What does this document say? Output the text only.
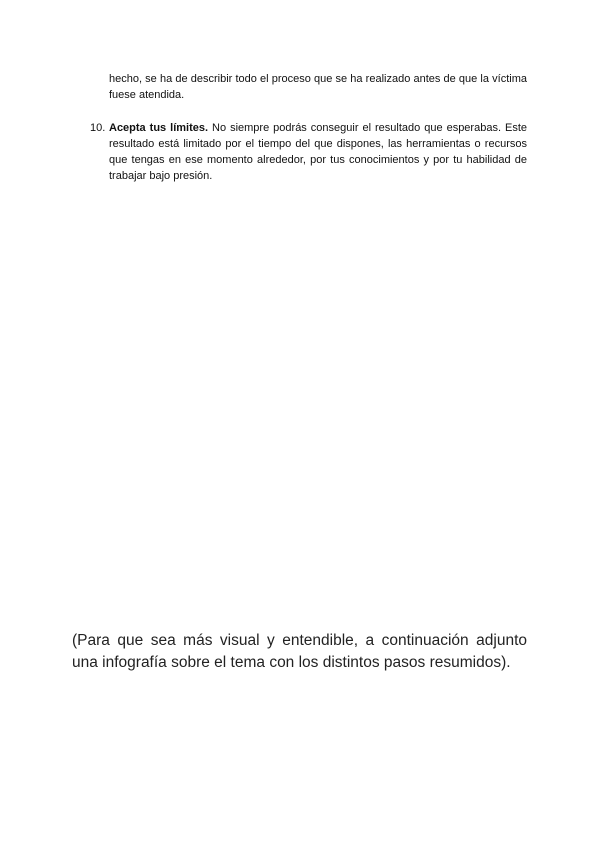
hecho, se ha de describir todo el proceso que se ha realizado antes de que la víctima fuese atendida.

10. Acepta tus límites. No siempre podrás conseguir el resultado que esperabas. Este resultado está limitado por el tiempo del que dispones, las herramientas o recursos que tengas en ese momento alrededor, por tus conocimientos y por tu habilidad de trabajar bajo presión.

(Para que sea más visual y entendible, a continuación adjunto una infografía sobre el tema con los distintos pasos resumidos).
